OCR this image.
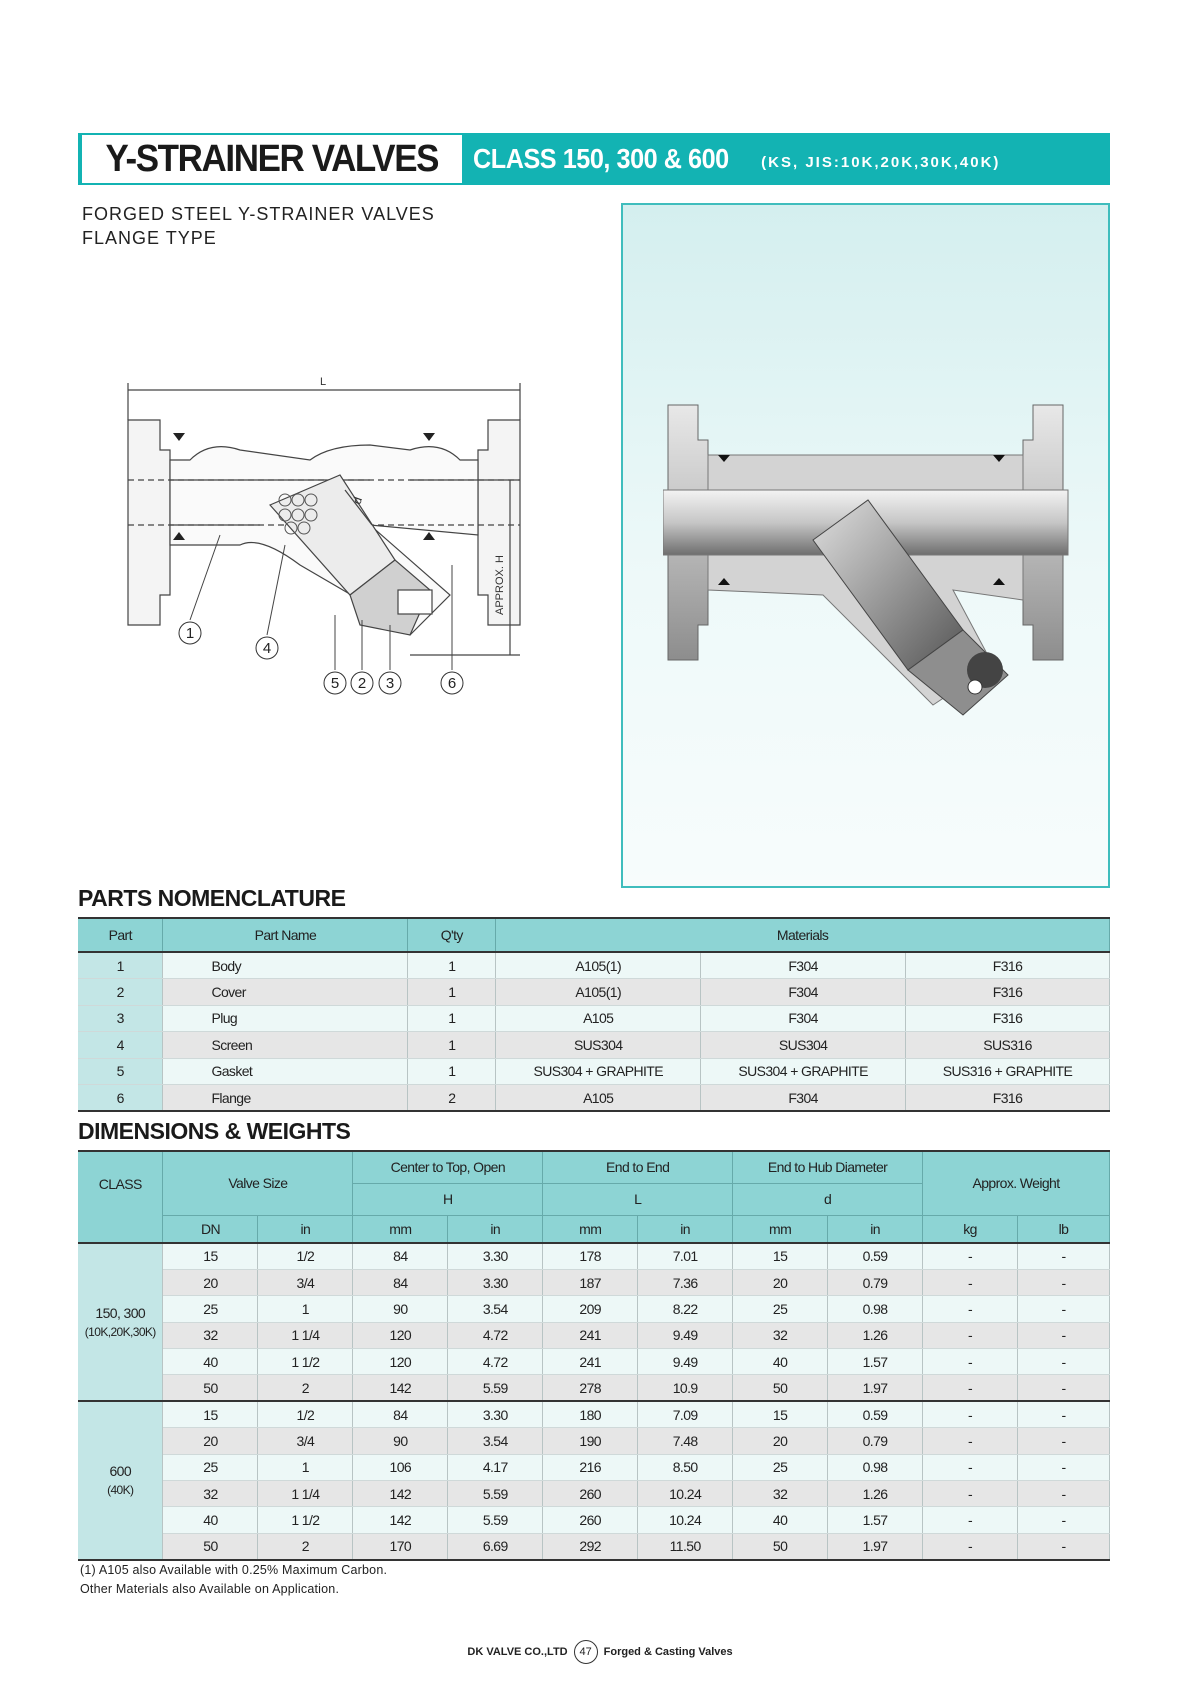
Y-STRAINER VALVES CLASS 150, 300 & 600 (KS, JIS:10K,20K,30K,40K)
FORGED STEEL Y-STRAINER VALVES
FLANGE TYPE
L
d
APPROX. H
1
4
5 2 3	6
PARTS NOMENCLATURE
Part	Part Name	Q'ty	Materials		
1	Body	1	A105(1)	F304	F316
2	Cover	1	A105(1)	F304	F316
3	Plug	1	A105	F304	F316
4	Screen	1	SUS304	SUS304	SUS316
5	Gasket	1	SUS304 + GRAPHITE	SUS304 + GRAPHITE	SUS316 + GRAPHITE
6	Flange	2	A105	F304	F316
DIMENSIONS & WEIGHTS
CLASS	Valve Size		Center to Top, Open		End to End		End to Hub Diameter		Approx. Weight	
			H		L		d			
	DN	in	mm	in	mm	in	mm	in	kg	lb

150, 300
(10K,20K,30K)	15	1/2	84	3.30	178	7.01	15	0.59	-	-
	20	3/4	84	3.30	187	7.36	20	0.79	-	-
	25	1	90	3.54	209	8.22	25	0.98	-	-
	32	1 1/4	120	4.72	241	9.49	32	1.26	-	-
	40	1 1/2	120	4.72	241	9.49	40	1.57	-	-
	50	2	142	5.59	278	10.9	50	1.97	-	-

600
(40K)	15	1/2	84	3.30	180	7.09	15	0.59	-	-
	20	3/4	90	3.54	190	7.48	20	0.79	-	-
	25	1	106	4.17	216	8.50	25	0.98	-	-
	32	1 1/4	142	5.59	260	10.24	32	1.26	-	-
	40	1 1/2	142	5.59	260	10.24	40	1.57	-	-
	50	2	170	6.69	292	11.50	50	1.97	-	-
(1) A105 also Available with 0.25% Maximum Carbon.
Other Materials also Available on Application.
DK VALVE CO.,LTD	47	Forged & Casting Valves
